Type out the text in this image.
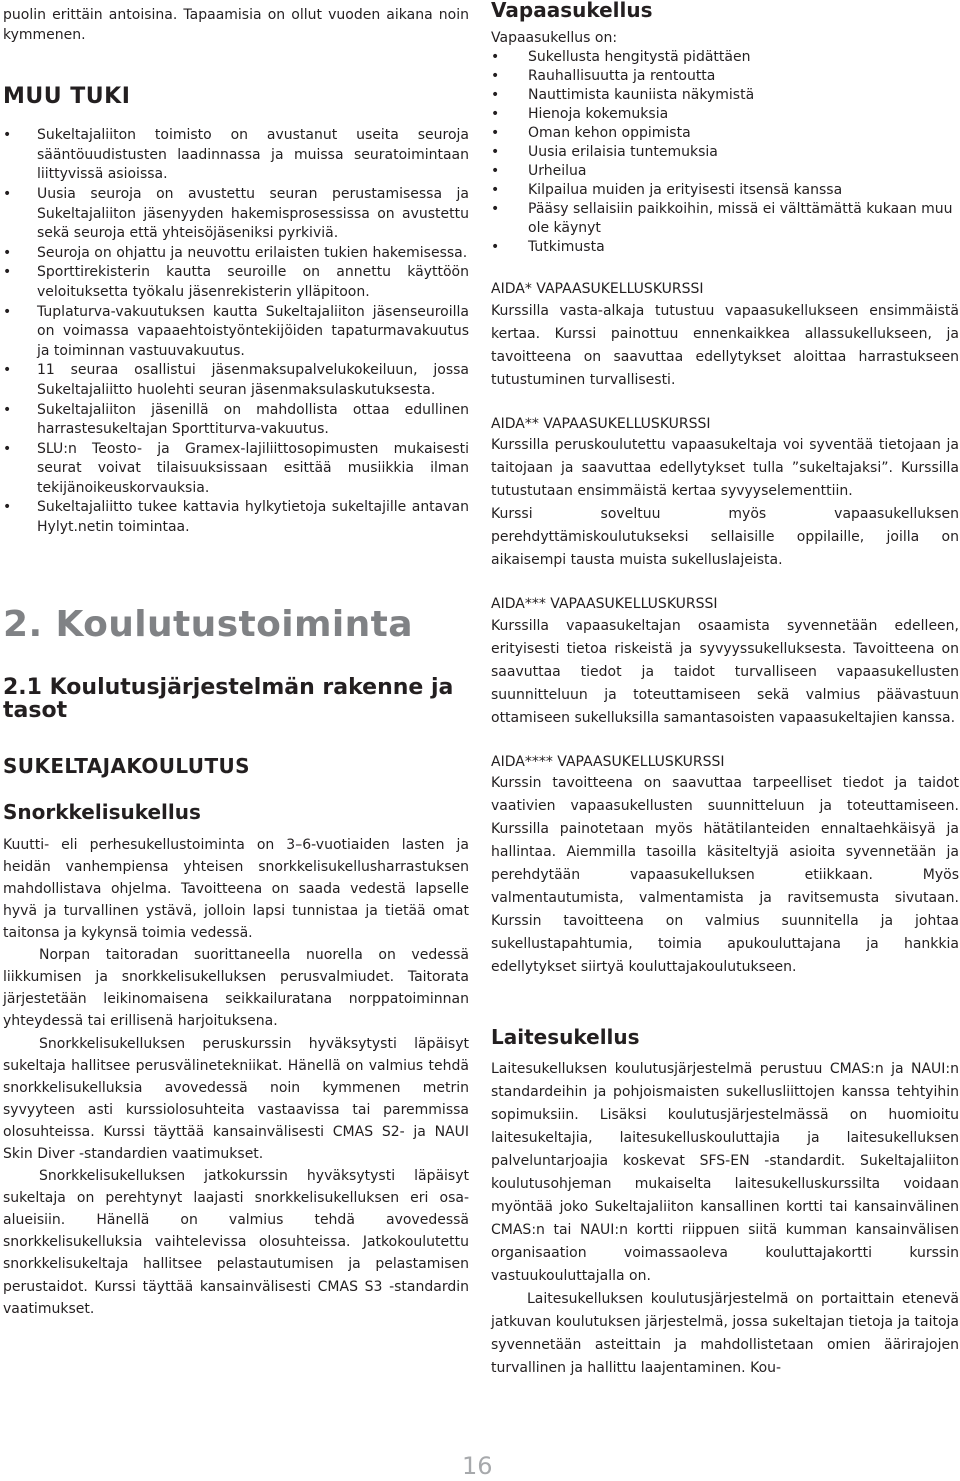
puolin erittäin antoisina. Tapaamisia on ollut vuoden aikana noin kymmenen.

MUU TUKI
• Sukeltajaliiton toimisto on avustanut useita seuroja sääntöuudistusten laadinnassa ja muissa seuratoimintaan liittyvissä asioissa.
• Uusia seuroja on avustettu seuran perustamisessa ja Sukeltajaliiton jäsenyyden hakemisprosessissa on avustettu sekä seuroja että yhteisöjäseniksi pyrkiviä.
• Seuroja on ohjattu ja neuvottu erilaisten tukien hakemisessa.
• Sporttirekisterin kautta seuroille on annettu käyttöön veloituksetta työkalu jäsenrekisterin ylläpitoon.
• Tuplaturva-vakuutuksen kautta Sukeltajaliiton jäsenseuroilla on voimassa vapaaehtoistyöntekijöiden tapaturmavakuutus ja toiminnan vastuuvakuutus.
• 11 seuraa osallistui jäsenmaksupalvelukokeiluun, jossa Sukeltajaliitto huolehti seuran jäsenmaksulaskutuksesta.
• Sukeltajaliiton jäsenillä on mahdollista ottaa edullinen harrastesukeltajan Sporttiturva-vakuutus.
• SLU:n Teosto- ja Gramex-lajiliittosopimusten mukaisesti seurat voivat tilaisuuksissaan esittää musiikkia ilman tekijänoikeuskorvauksia.
• Sukeltajaliitto tukee kattavia hylkytietoja sukeltajille antavan Hylyt.netin toimintaa.
2. Koulutustoiminta
2.1 Koulutusjärjestelmän rakenne ja tasot
SUKELTAJAKOULUTUS
Snorkkelisukellus

Kuutti- eli perhesukellustoiminta on 3–6-vuotiaiden lasten ja heidän vanhempiensa yhteisen snorkkelisukellusharrastuksen mahdollistava ohjelma. Tavoitteena on saada vedestä lapselle hyvä ja turvallinen ystävä, jolloin lapsi tunnistaa ja tietää omat taitonsa ja kykynsä toimia vedessä.

Norpan taitoradan suorittaneella nuorella on vedessä liikkumisen ja snorkkelisukelluksen perusvalmiudet. Taitorata järjestetään leikinomaisena seikkailuratana norppatoiminnan yhteydessä tai erillisenä harjoituksena.

Snorkkelisukelluksen peruskurssin hyväksytysti läpäisyt sukeltaja hallitsee perusvälinetekniikat. Hänellä on valmius tehdä snorkkelisukelluksia avovedessä noin kymmenen metrin syvyyteen asti kurssiolosuhteita vastaavissa tai paremmissa olosuhteissa. Kurssi täyttää kansainvälisesti CMAS S2- ja NAUI Skin Diver -standardien vaatimukset.

Snorkkelisukelluksen jatkokurssin hyväksytysti läpäisyt sukeltaja on perehtynyt laajasti snorkkelisukelluksen eri osa-alueisiin. Hänellä on valmius tehdä avovedessä snorkkelisukelluksia vaihtelevissa olosuhteissa. Jatkokoulutettu snorkkelisukeltaja hallitsee pelastautumisen ja pelastamisen perustaidot. Kurssi täyttää kansainvälisesti CMAS S3 -standardin vaatimukset.

Vapaasukellus

Vapaasukellus on:

• Sukellusta hengitystä pidättäen
• Rauhallisuutta ja rentoutta
• Nauttimista kauniista näkymistä
• Hienoja kokemuksia
• Oman kehon oppimista
• Uusia erilaisia tuntemuksia
• Urheilua
• Kilpailua muiden ja erityisesti itsensä kanssa
• Pääsy sellaisiin paikkoihin, missä ei välttämättä kukaan muu ole käynyt
• Tutkimusta

AIDA* VAPAASUKELLUSKURSSI

Kurssilla vasta-alkaja tutustuu vapaasukellukseen ensimmäistä kertaa. Kurssi painottuu ennenkaikkea allassukellukseen, ja tavoitteena on saavuttaa edellytykset aloittaa harrastukseen tutustuminen turvallisesti.

AIDA** VAPAASUKELLUSKURSSI

Kurssilla peruskoulutettu vapaasukeltaja voi syventää tietojaan ja taitojaan ja saavuttaa edellytykset tulla ”sukeltajaksi”. Kurssilla tutustutaan ensimmäistä kertaa syvyyselementtiin.

Kurssi soveltuu myös vapaasukelluksen perehdyttämiskoulutukseksi sellaisille oppilaille, joilla on aikaisempi tausta muista sukelluslajeista.

AIDA*** VAPAASUKELLUSKURSSI

Kurssilla vapaasukeltajan osaamista syvennetään edelleen, erityisesti tietoa riskeistä ja syvyyssukelluksesta. Tavoitteena on saavuttaa tiedot ja taidot turvalliseen vapaasukellusten suunnitteluun ja toteuttamiseen sekä valmius päävastuun ottamiseen sukelluksilla samantasoisten vapaasukeltajien kanssa.

AIDA**** VAPAASUKELLUSKURSSI

Kurssin tavoitteena on saavuttaa tarpeelliset tiedot ja taidot vaativien vapaasukellusten suunnitteluun ja toteuttamiseen. Kurssilla painotetaan myös hätätilanteiden ennaltaehkäisyä ja hallintaa. Aiemmilla tasoilla käsiteltyjä asioita syvennetään ja perehdytään vapaasukelluksen etiikkaan. Myös valmentautumista, valmentamista ja ravitsemusta sivutaan. Kurssin tavoitteena on valmius suunnitella ja johtaa sukellustapahtumia, toimia apukouluttajana ja hankkia edellytykset siirtyä kouluttajakoulutukseen.

Laitesukellus

Laitesukelluksen koulutusjärjestelmä perustuu CMAS:n ja NAUI:n standardeihin ja pohjoismaisten sukellusliittojen kanssa tehtyihin sopimuksiin. Lisäksi koulutusjärjestelmässä on huomioitu laitesukeltajia, laitesukelluskouluttajia ja laitesukelluksen palveluntarjoajia koskevat SFS-EN -standardit. Sukeltajaliiton koulutusohjeman mukaiselta laitesukelluskurssilta voidaan myöntää joko Sukeltajaliiton kansallinen kortti tai kansainvälinen CMAS:n tai NAUI:n kortti riippuen siitä kumman kansainvälisen organisaation voimassaoleva kouluttajakortti kurssin vastuukouluttajalla on.

Laitesukelluksen koulutusjärjestelmä on portaittain etenevä jatkuvan koulutuksen järjestelmä, jossa sukeltajan tietoja ja taitoja syvennetään asteittain ja mahdollistetaan omien äärirajojen turvallinen ja hallittu laajentaminen. Kou-

16
